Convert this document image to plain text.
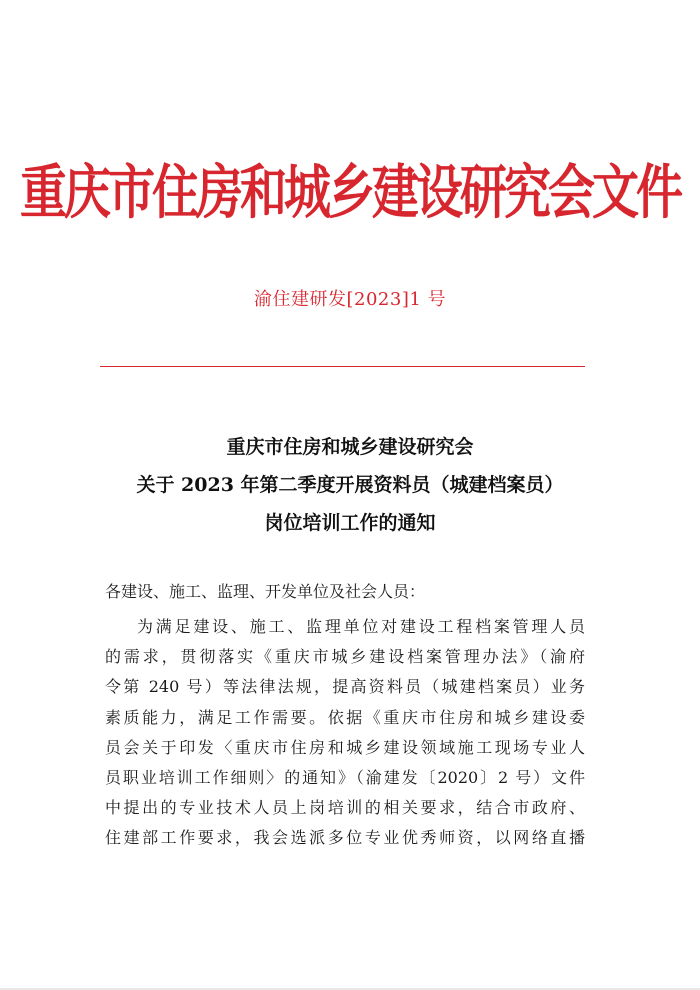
重庆市住房和城乡建设研究会文件
渝住建研发[2023]1 号
重庆市住房和城乡建设研究会
关于 2023 年第二季度开展资料员（城建档案员）
岗位培训工作的通知
各建设、施工、监理、开发单位及社会人员：
为满足建设、施工、监理单位对建设工程档案管理人员
的需求，贯彻落实《重庆市城乡建设档案管理办法》（渝府
令第 240 号）等法律法规，提高资料员（城建档案员）业务
素质能力，满足工作需要。依据《重庆市住房和城乡建设委
员会关于印发〈重庆市住房和城乡建设领域施工现场专业人
员职业培训工作细则〉的通知》（渝建发〔2020〕2 号）文件
中提出的专业技术人员上岗培训的相关要求，结合市政府、
住建部工作要求，我会选派多位专业优秀师资，以网络直播
